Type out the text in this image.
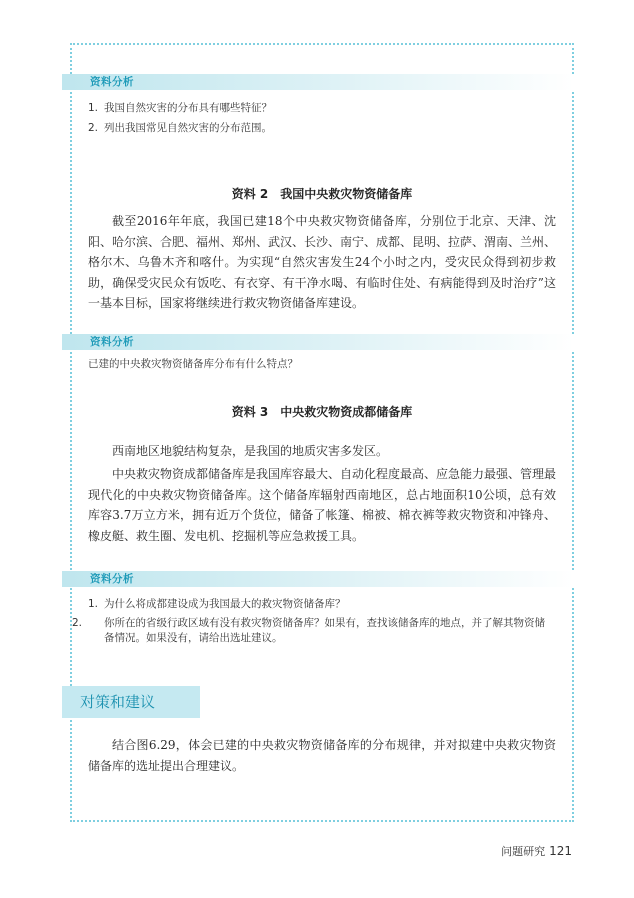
资料分析
1. 我国自然灾害的分布具有哪些特征？
2. 列出我国常见自然灾害的分布范围。
资料 2　我国中央救灾物资储备库
截至2016年年底，我国已建18个中央救灾物资储备库，分别位于北京、天津、沈阳、哈尔滨、合肥、福州、郑州、武汉、长沙、南宁、成都、昆明、拉萨、渭南、兰州、格尔木、乌鲁木齐和喀什。为实现“自然灾害发生24个小时之内，受灾民众得到初步救助，确保受灾民众有饭吃、有衣穿、有干净水喝、有临时住处、有病能得到及时治疗”这一基本目标，国家将继续进行救灾物资储备库建设。
资料分析
已建的中央救灾物资储备库分布有什么特点？
资料 3　中央救灾物资成都储备库
西南地区地貌结构复杂，是我国的地质灾害多发区。
中央救灾物资成都储备库是我国库容最大、自动化程度最高、应急能力最强、管理最现代化的中央救灾物资储备库。这个储备库辐射西南地区，总占地面积10公顷，总有效库容3.7万立方米，拥有近万个货位，储备了帐篷、棉被、棉衣裤等救灾物资和冲锋舟、橡皮艇、救生圈、发电机、挖掘机等应急救援工具。
资料分析
1. 为什么将成都建设成为我国最大的救灾物资储备库？
2. 你所在的省级行政区域有没有救灾物资储备库？如果有，查找该储备库的地点，并了解其物资储备情况。如果没有，请给出选址建议。
对策和建议
结合图6.29，体会已建的中央救灾物资储备库的分布规律，并对拟建中央救灾物资储备库的选址提出合理建议。
问题研究 121
